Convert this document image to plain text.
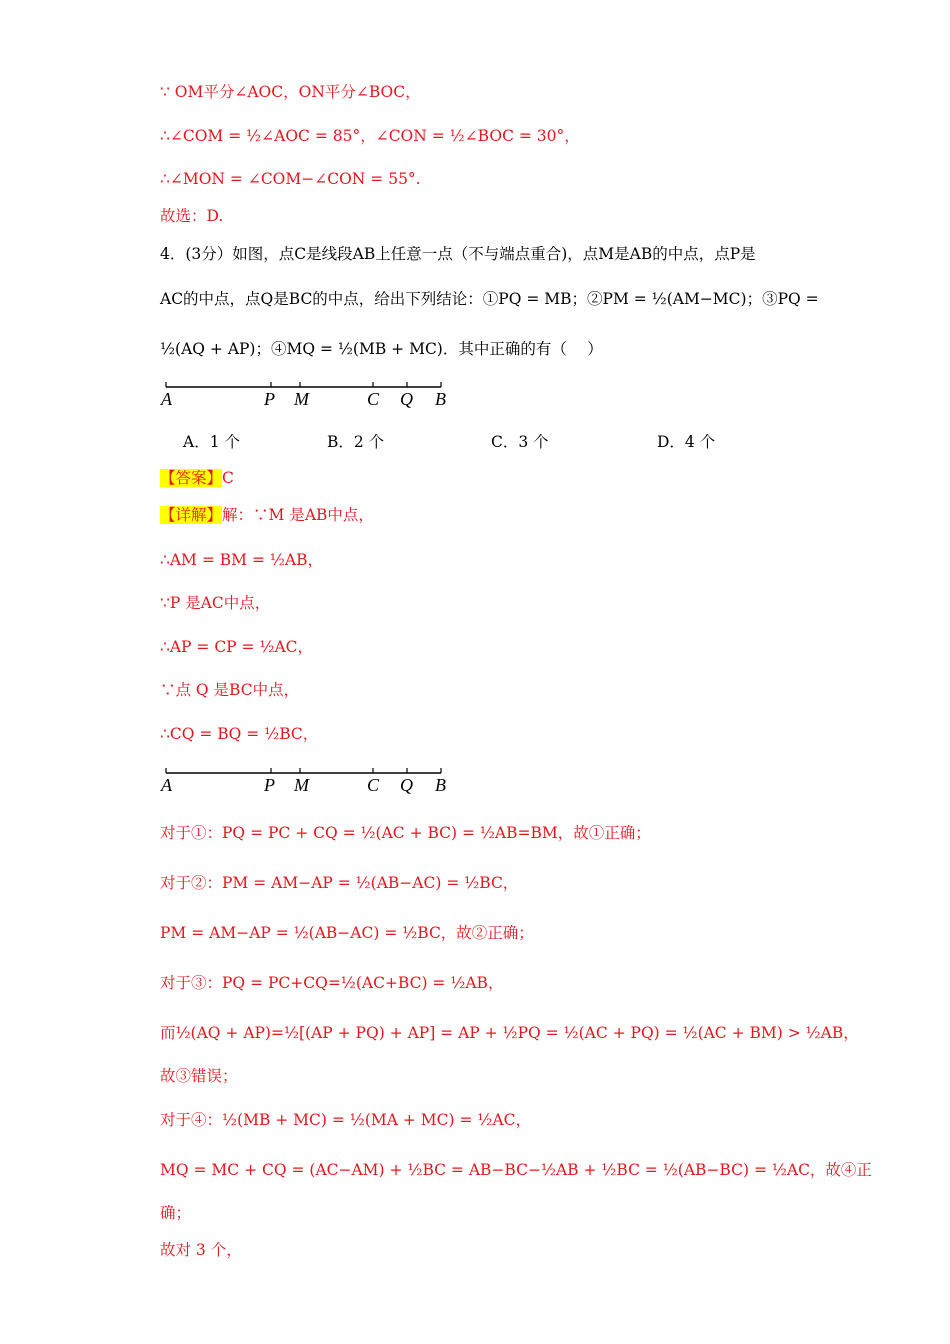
∵ OM平分∠AOC，ON平分∠BOC，
∴∠COM = ½∠AOC = 85°，∠CON = ½∠BOC = 30°，
∴∠MON = ∠COM−∠CON = 55°.
故选：D.
4．(3分）如图，点C是线段AB上任意一点（不与端点重合)，点M是AB的中点，点P是
AC的中点，点Q是BC的中点，给出下列结论：①PQ = MB；②PM = ½(AM−MC)；③PQ =
½(AQ + AP)；④MQ = ½(MB + MC)．其中正确的有（　 ）
A	P M	C Q B
A	P M	C Q B
A．1 个	B．2 个	C．3 个	D．4 个
【答案】C
【详解】解：∵M 是AB中点，
∴AM = BM = ½AB，
∵P 是AC中点，
∴AP = CP = ½AC，
∵点 Q 是BC中点，
∴CQ = BQ = ½BC，
对于①：PQ = PC + CQ = ½(AC + BC) = ½AB=BM，故①正确；
对于②：PM = AM−AP = ½(AB−AC) = ½BC，
PM = AM−AP = ½(AB−AC) = ½BC，故②正确；
对于③：PQ = PC+CQ=½(AC+BC) = ½AB，
而½(AQ + AP)=½[(AP + PQ) + AP] = AP + ½PQ = ½(AC + PQ) = ½(AC + BM) > ½AB，
故③错误；
对于④：½(MB + MC) = ½(MA + MC) = ½AC，
MQ = MC + CQ = (AC−AM) + ½BC = AB−BC−½AB + ½BC = ½(AB−BC) = ½AC，故④正
确；
故对 3 个，
